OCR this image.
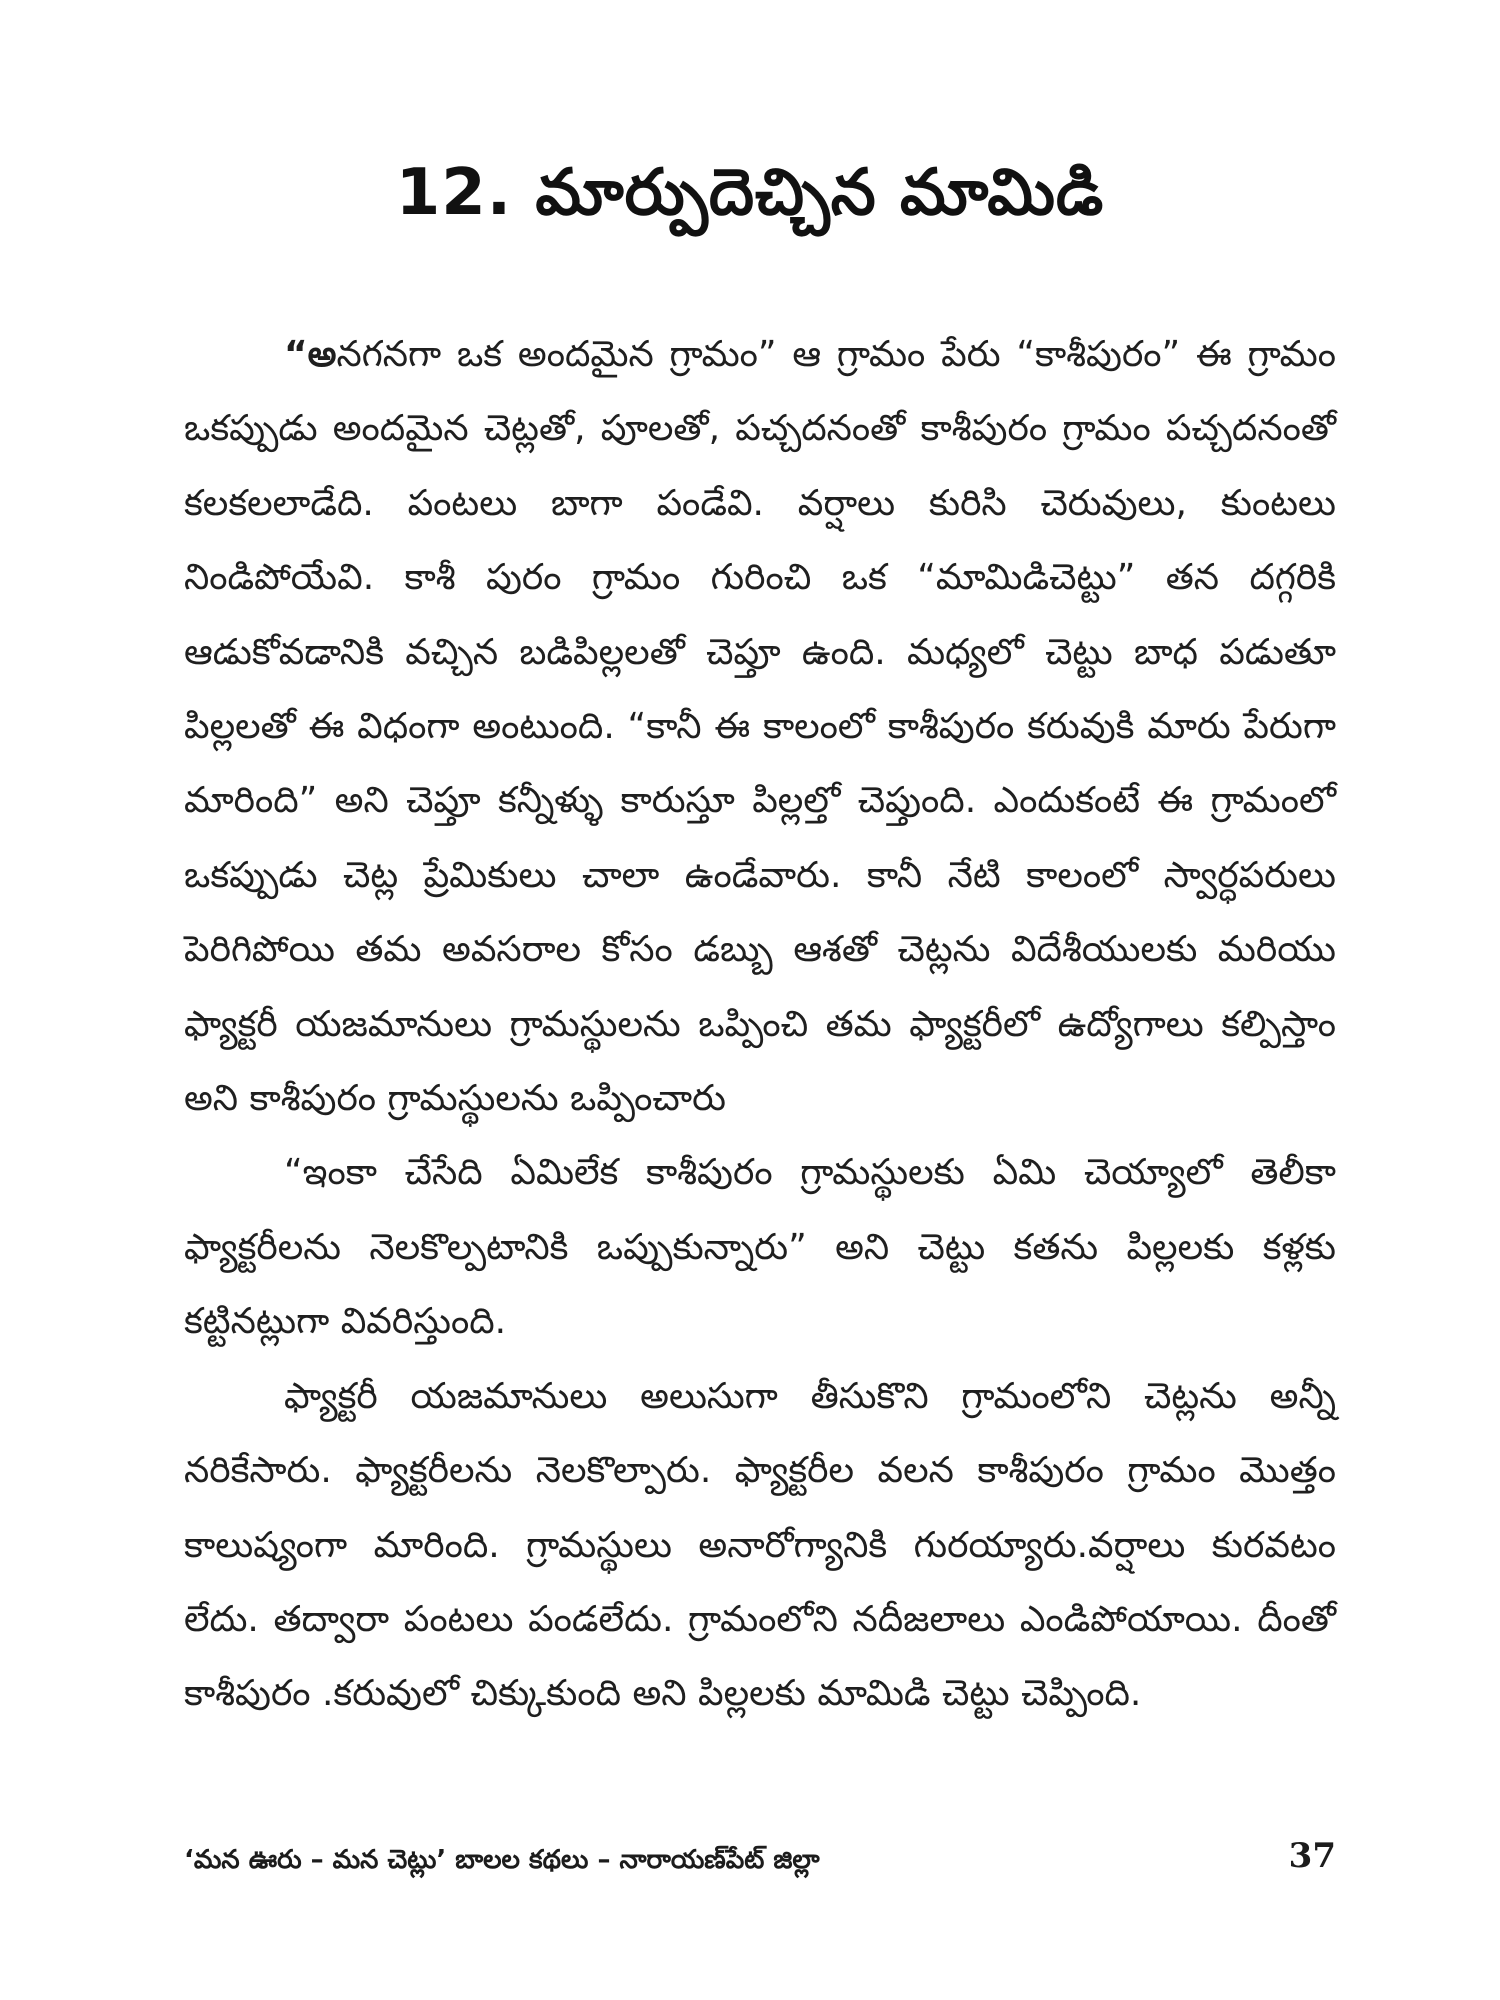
12. మార్పుదెచ్చిన మామిడి

“అనగనగా ఒక అందమైన గ్రామం” ఆ గ్రామం పేరు “కాశీపురం” ఈ గ్రామం ఒకప్పుడు అందమైన చెట్లతో, పూలతో, పచ్చదనంతో కాశీపురం గ్రామం పచ్చదనంతో కలకలలాడేది. పంటలు బాగా పండేవి. వర్షాలు కురిసి చెరువులు, కుంటలు నిండిపోయేవి. కాశీ పురం గ్రామం గురించి ఒక “మామిడిచెట్టు” తన దగ్గరికి ఆడుకోవడానికి వచ్చిన బడిపిల్లలతో చెప్తూ ఉంది. మధ్యలో చెట్టు బాధ పడుతూ పిల్లలతో ఈ విధంగా అంటుంది. “కానీ ఈ కాలంలో కాశీపురం కరువుకి మారు పేరుగా మారింది” అని చెప్తూ కన్నీళ్ళు కారుస్తూ పిల్లల్తో చెప్తుంది. ఎందుకంటే ఈ గ్రామంలో ఒకప్పుడు చెట్ల ప్రేమికులు చాలా ఉండేవారు. కానీ నేటి కాలంలో స్వార్ధపరులు పెరిగిపోయి తమ అవసరాల కోసం డబ్బు ఆశతో చెట్లను విదేశీయులకు మరియు ఫ్యాక్టరీ యజమానులు గ్రామస్థులను ఒప్పించి తమ ఫ్యాక్టరీలో ఉద్యోగాలు కల్పిస్తాం అని కాశీపురం గ్రామస్థులను ఒప్పించారు

“ఇంకా చేసేది ఏమిలేక కాశీపురం గ్రామస్థులకు ఏమి చెయ్యాలో తెలీకా ఫ్యాక్టరీలను నెలకొల్పటానికి ఒప్పుకున్నారు” అని చెట్టు కతను పిల్లలకు కళ్లకు కట్టినట్లుగా వివరిస్తుంది.

ఫ్యాక్టరీ యజమానులు అలుసుగా తీసుకొని గ్రామంలోని చెట్లను అన్నీ నరికేసారు. ఫ్యాక్టరీలను నెలకొల్పారు. ఫ్యాక్టరీల వలన కాశీపురం గ్రామం మొత్తం కాలుష్యంగా మారింది. గ్రామస్థులు అనారోగ్యానికి గురయ్యారు.వర్షాలు కురవటం లేదు. తద్వారా పంటలు పండలేదు. గ్రామంలోని నదీజలాలు ఎండిపోయాయి. దీంతో కాశీపురం .కరువులో చిక్కుకుంది అని పిల్లలకు మామిడి చెట్టు చెప్పింది.

‘మన ఊరు – మన చెట్లు’ బాలల కథలు – నారాయణ్‌పేట్ జిల్లా	37
